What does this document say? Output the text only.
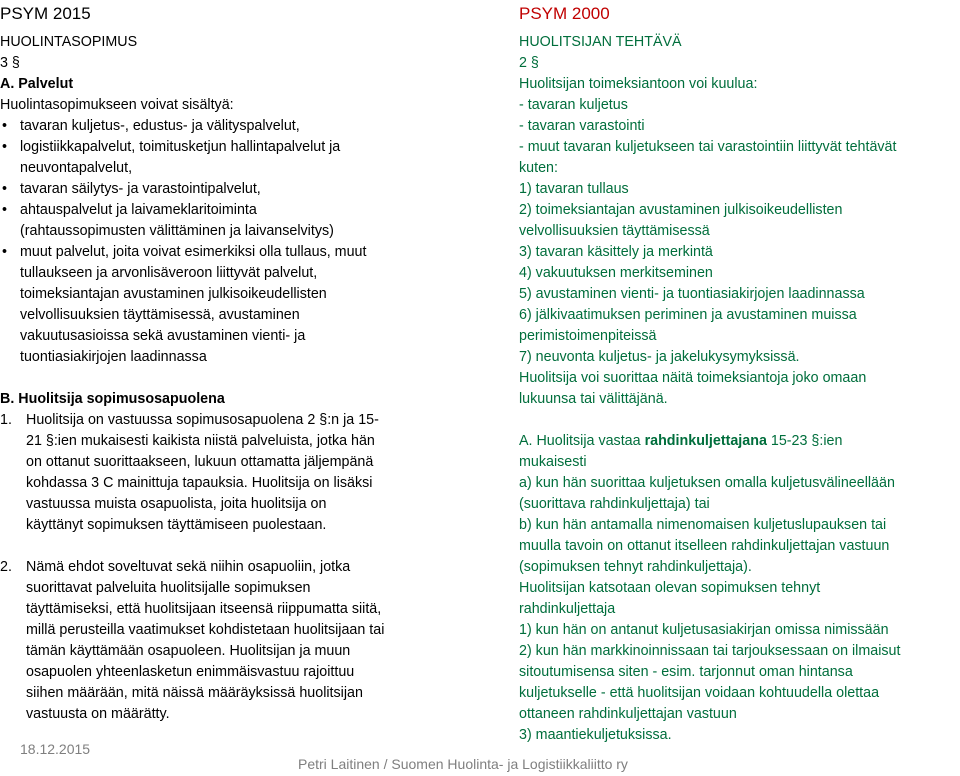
PSYM 2015
HUOLINTASOPIMUS
3 §
A. Palvelut
Huolintasopimukseen voivat sisältyä:
• tavaran kuljetus-, edustus- ja välityspalvelut,
• logistiikkapalvelut, toimitusketjun hallintapalvelut ja
neuvontapalvelut,
• tavaran säilytys- ja varastointipalvelut,
• ahtauspalvelut ja laivameklaritoiminta
(rahtaussopimusten välittäminen ja laivanselvitys)
• muut palvelut, joita voivat esimerkiksi olla tullaus, muut
tullaukseen ja arvonlisäveroon liittyvät palvelut,
toimeksiantajan avustaminen julkisoikeudellisten
velvollisuuksien täyttämisessä, avustaminen
vakuutusasioissa sekä avustaminen vienti- ja
tuontiasiakirjojen laadinnassa
B. Huolitsija sopimusosapuolena
1. Huolitsija on vastuussa sopimusosapuolena 2 §:n ja 15-
21 §:ien mukaisesti kaikista niistä palveluista, jotka hän
on ottanut suorittaakseen, lukuun ottamatta jäljempänä
kohdassa 3 C mainittuja tapauksia. Huolitsija on lisäksi
vastuussa muista osapuolista, joita huolitsija on
käyttänyt sopimuksen täyttämiseen puolestaan.
2. Nämä ehdot soveltuvat sekä niihin osapuoliin, jotka
suorittavat palveluita huolitsijalle sopimuksen
täyttämiseksi, että huolitsijaan itseensä riippumatta siitä,
millä perusteilla vaatimukset kohdistetaan huolitsijaan tai
tämän käyttämään osapuoleen. Huolitsijan ja muun
osapuolen yhteenlasketun enimmäisvastuu rajoittuu
siihen määrään, mitä näissä määräyksissä huolitsijan
vastuusta on määrätty.
PSYM 2000
HUOLITSIJAN TEHTÄVÄ
2 §
Huolitsijan toimeksiantoon voi kuulua:
- tavaran kuljetus
- tavaran varastointi
- muut tavaran kuljetukseen tai varastointiin liittyvät tehtävät
kuten:
1) tavaran tullaus
2) toimeksiantajan avustaminen julkisoikeudellisten
velvollisuuksien täyttämisessä
3) tavaran käsittely ja merkintä
4) vakuutuksen merkitseminen
5) avustaminen vienti- ja tuontiasiakirjojen laadinnassa
6) jälkivaatimuksen periminen ja avustaminen muissa
perimistoimenpiteissä
7) neuvonta kuljetus- ja jakelukysymyksissä.
Huolitsija voi suorittaa näitä toimeksiantoja joko omaan
lukuunsa tai välittäjänä.
A. Huolitsija vastaa rahdinkuljettajana 15-23 §:ien
mukaisesti
a) kun hän suorittaa kuljetuksen omalla kuljetusvälineellään
(suorittava rahdinkuljettaja) tai
b) kun hän antamalla nimenomaisen kuljetuslupauksen tai
muulla tavoin on ottanut itselleen rahdinkuljettajan vastuun
(sopimuksen tehnyt rahdinkuljettaja).
Huolitsijan katsotaan olevan sopimuksen tehnyt
rahdinkuljettaja
1) kun hän on antanut kuljetusasiakirjan omissa nimissään
2) kun hän markkinoinnissaan tai tarjouksessaan on ilmaisut
sitoutumisensa siten - esim. tarjonnut oman hintansa
kuljetukselle - että huolitsijan voidaan kohtuudella olettaa
ottaneen rahdinkuljettajan vastuun
3) maantiekuljetuksissa.
18.12.2015
Petri Laitinen / Suomen Huolinta- ja Logistiikkaliitto ry
